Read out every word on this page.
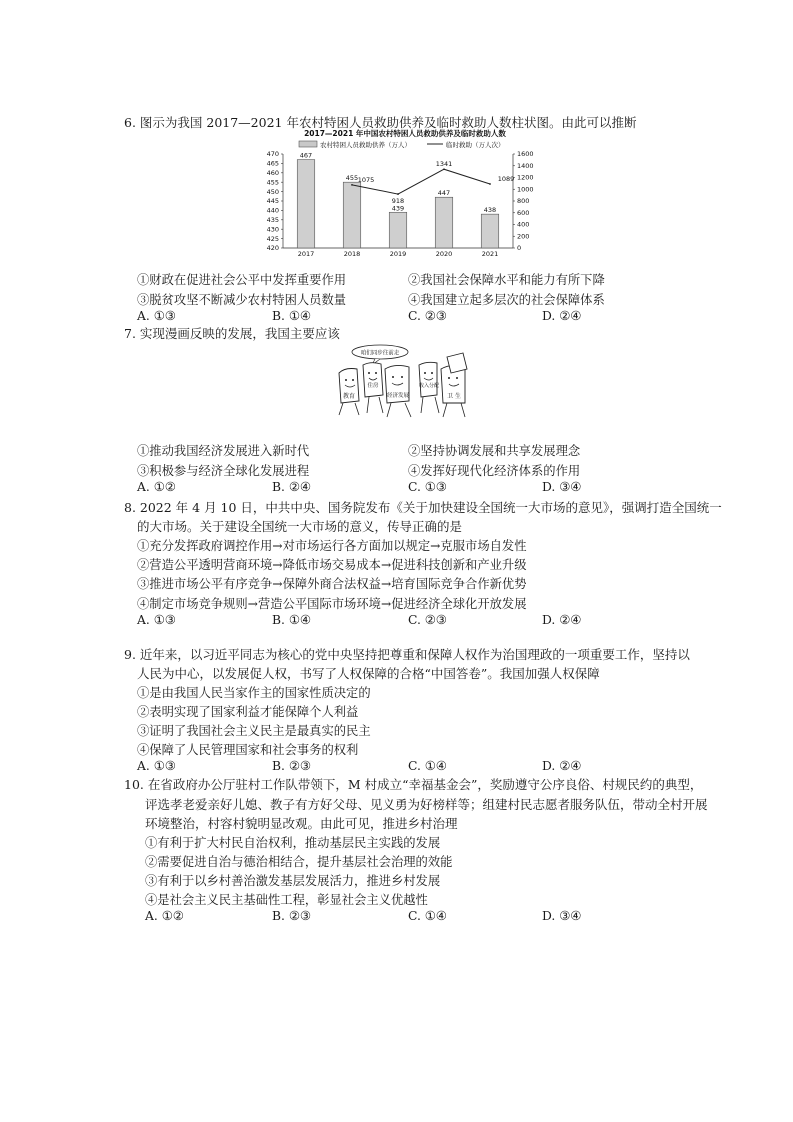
6. 图示为我国 2017—2021 年农村特困人员救助供养及临时救助人数柱状图。由此可以推断
2017—2021 年中国农村特困人员救助供养及临时救助人数
农村特困人员救助供养（万人）	临时救助（万人次）
470
465
460
455
450
445
440
435
430
425
420
1600
1400
1200
1000
800
600
400
200
0
467
2017
455
2018
439
2019
447
2020
438
2021
1075
918
1341
1089
①财政在促进社会公平中发挥重要作用	②我国社会保障水平和能力有所下降
③脱贫攻坚不断减少农村特困人员数量	④我国建立起多层次的社会保障体系
A. ①③	B. ①④	C. ②③	D. ②④
7. 实现漫画反映的发展，我国主要应该
咱们同步往前走
教育
住房
经济发展
收入分配
卫 生
①推动我国经济发展进入新时代	②坚持协调发展和共享发展理念
③积极参与经济全球化发展进程	④发挥好现代化经济体系的作用
A. ①②	B. ②④	C. ①③	D. ③④
8. 2022 年 4 月 10 日，中共中央、国务院发布《关于加快建设全国统一大市场的意见》，强调打造全国统一
的大市场。关于建设全国统一大市场的意义，传导正确的是
①充分发挥政府调控作用→对市场运行各方面加以规定→克服市场自发性
②营造公平透明营商环境→降低市场交易成本→促进科技创新和产业升级
③推进市场公平有序竞争→保障外商合法权益→培育国际竞争合作新优势
④制定市场竞争规则→营造公平国际市场环境→促进经济全球化开放发展
A. ①③	B. ①④	C. ②③	D. ②④
9. 近年来，以习近平同志为核心的党中央坚持把尊重和保障人权作为治国理政的一项重要工作，坚持以
人民为中心，以发展促人权，书写了人权保障的合格“中国答卷”。我国加强人权保障
①是由我国人民当家作主的国家性质决定的
②表明实现了国家利益才能保障个人利益
③证明了我国社会主义民主是最真实的民主
④保障了人民管理国家和社会事务的权利
A. ①③	B. ②③	C. ①④	D. ②④
10. 在省政府办公厅驻村工作队带领下，M 村成立“幸福基金会”，奖励遵守公序良俗、村规民约的典型，
评选孝老爱亲好儿媳、教子有方好父母、见义勇为好榜样等；组建村民志愿者服务队伍，带动全村开展
环境整治，村容村貌明显改观。由此可见，推进乡村治理
①有利于扩大村民自治权利，推动基层民主实践的发展
②需要促进自治与德治相结合，提升基层社会治理的效能
③有利于以乡村善治激发基层发展活力，推进乡村发展
④是社会主义民主基础性工程，彰显社会主义优越性
A. ①②	B. ②③	C. ①④	D. ③④
